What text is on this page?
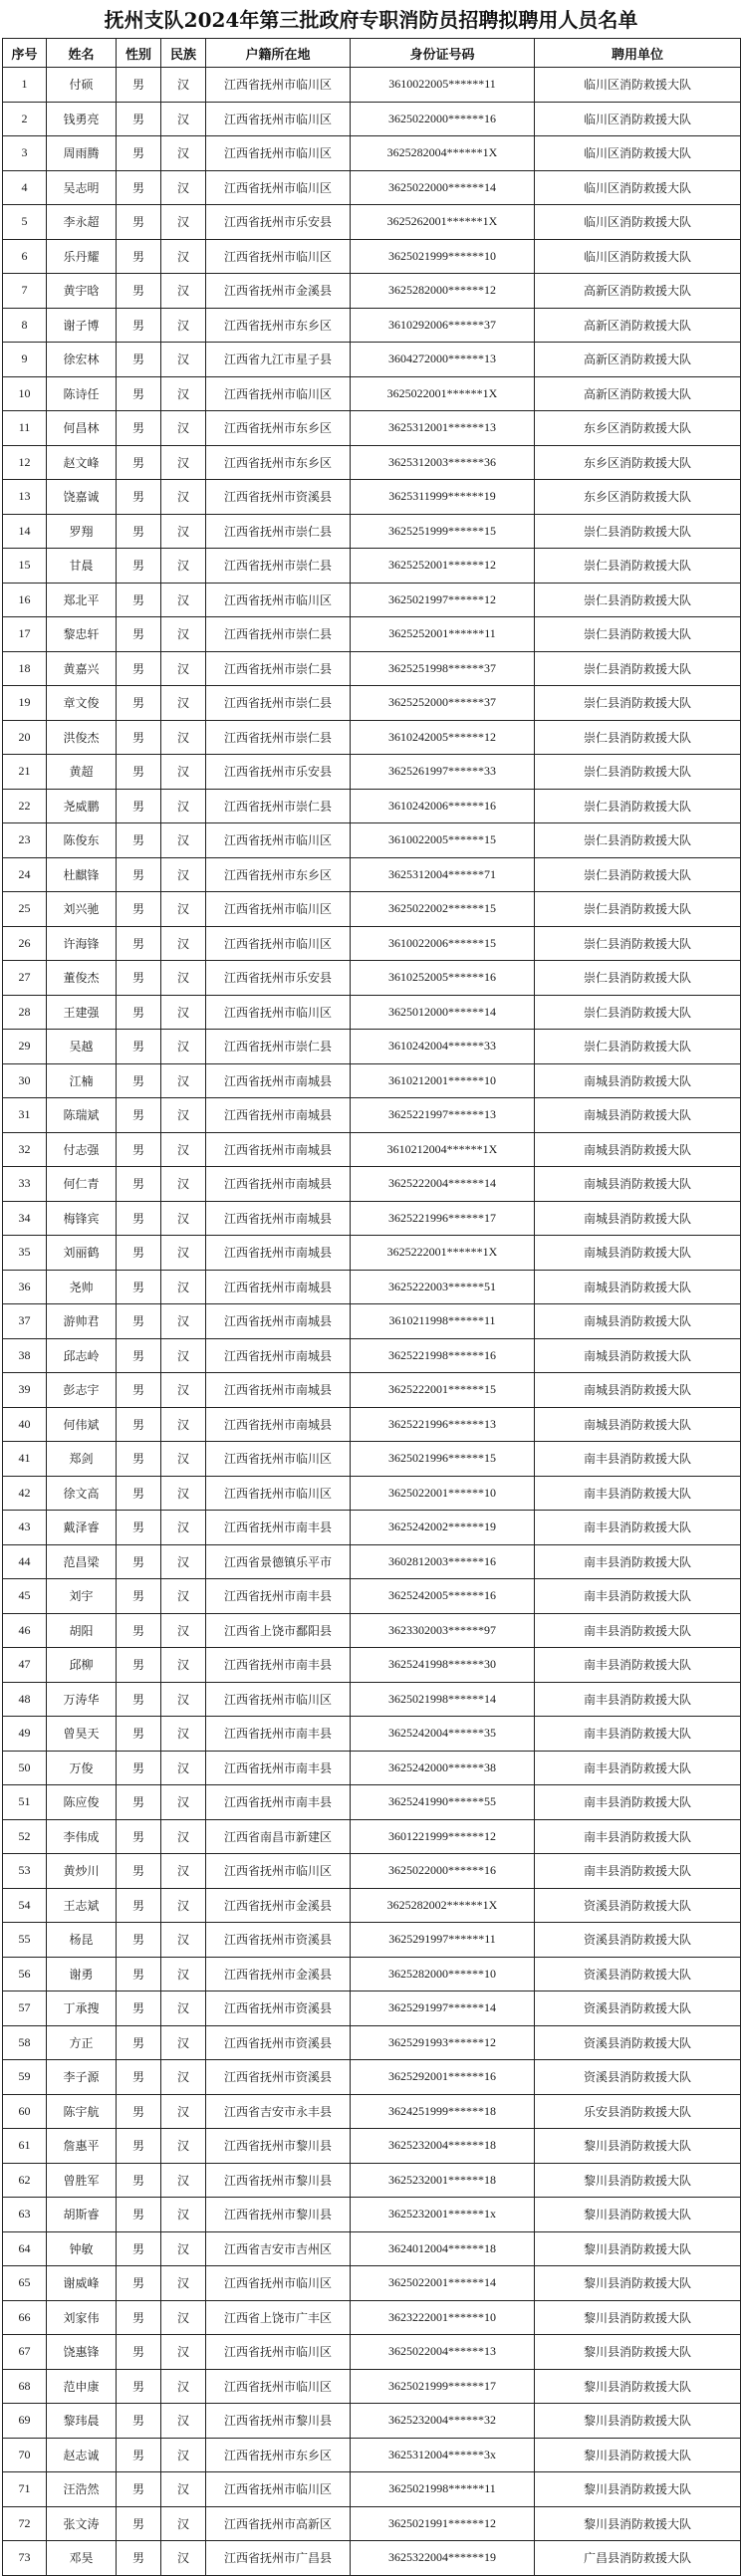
抚州支队2024年第三批政府专职消防员招聘拟聘用人员名单
序号	姓名	性别	民族	户籍所在地	身份证号码	聘用单位
1	付硕	男	汉	江西省抚州市临川区	3610022005******11	临川区消防救援大队
2	钱勇亮	男	汉	江西省抚州市临川区	3625022000******16	临川区消防救援大队
3	周雨腾	男	汉	江西省抚州市临川区	3625282004******1X	临川区消防救援大队
4	吴志明	男	汉	江西省抚州市临川区	3625022000******14	临川区消防救援大队
5	李永超	男	汉	江西省抚州市乐安县	3625262001******1X	临川区消防救援大队
6	乐丹耀	男	汉	江西省抚州市临川区	3625021999******10	临川区消防救援大队
7	黄宇晗	男	汉	江西省抚州市金溪县	3625282000******12	高新区消防救援大队
8	谢子博	男	汉	江西省抚州市东乡区	3610292006******37	高新区消防救援大队
9	徐宏林	男	汉	江西省九江市星子县	3604272000******13	高新区消防救援大队
10	陈诗任	男	汉	江西省抚州市临川区	3625022001******1X	高新区消防救援大队
11	何昌林	男	汉	江西省抚州市东乡区	3625312001******13	东乡区消防救援大队
12	赵文峰	男	汉	江西省抚州市东乡区	3625312003******36	东乡区消防救援大队
13	饶嘉诚	男	汉	江西省抚州市资溪县	3625311999******19	东乡区消防救援大队
14	罗翔	男	汉	江西省抚州市崇仁县	3625251999******15	崇仁县消防救援大队
15	甘晨	男	汉	江西省抚州市崇仁县	3625252001******12	崇仁县消防救援大队
16	郑北平	男	汉	江西省抚州市临川区	3625021997******12	崇仁县消防救援大队
17	黎忠轩	男	汉	江西省抚州市崇仁县	3625252001******11	崇仁县消防救援大队
18	黄嘉兴	男	汉	江西省抚州市崇仁县	3625251998******37	崇仁县消防救援大队
19	章文俊	男	汉	江西省抚州市崇仁县	3625252000******37	崇仁县消防救援大队
20	洪俊杰	男	汉	江西省抚州市崇仁县	3610242005******12	崇仁县消防救援大队
21	黄超	男	汉	江西省抚州市乐安县	3625261997******33	崇仁县消防救援大队
22	尧威鹏	男	汉	江西省抚州市崇仁县	3610242006******16	崇仁县消防救援大队
23	陈俊东	男	汉	江西省抚州市临川区	3610022005******15	崇仁县消防救援大队
24	杜麒锋	男	汉	江西省抚州市东乡区	3625312004******71	崇仁县消防救援大队
25	刘兴驰	男	汉	江西省抚州市临川区	3625022002******15	崇仁县消防救援大队
26	许海锋	男	汉	江西省抚州市临川区	3610022006******15	崇仁县消防救援大队
27	董俊杰	男	汉	江西省抚州市乐安县	3610252005******16	崇仁县消防救援大队
28	王建强	男	汉	江西省抚州市临川区	3625012000******14	崇仁县消防救援大队
29	吴越	男	汉	江西省抚州市崇仁县	3610242004******33	崇仁县消防救援大队
30	江楠	男	汉	江西省抚州市南城县	3610212001******10	南城县消防救援大队
31	陈瑞斌	男	汉	江西省抚州市南城县	3625221997******13	南城县消防救援大队
32	付志强	男	汉	江西省抚州市南城县	3610212004******1X	南城县消防救援大队
33	何仁青	男	汉	江西省抚州市南城县	3625222004******14	南城县消防救援大队
34	梅锋宾	男	汉	江西省抚州市南城县	3625221996******17	南城县消防救援大队
35	刘丽鹤	男	汉	江西省抚州市南城县	3625222001******1X	南城县消防救援大队
36	尧帅	男	汉	江西省抚州市南城县	3625222003******51	南城县消防救援大队
37	游帅君	男	汉	江西省抚州市南城县	3610211998******11	南城县消防救援大队
38	邱志岭	男	汉	江西省抚州市南城县	3625221998******16	南城县消防救援大队
39	彭志宇	男	汉	江西省抚州市南城县	3625222001******15	南城县消防救援大队
40	何伟斌	男	汉	江西省抚州市南城县	3625221996******13	南城县消防救援大队
41	郑剑	男	汉	江西省抚州市临川区	3625021996******15	南丰县消防救援大队
42	徐文高	男	汉	江西省抚州市临川区	3625022001******10	南丰县消防救援大队
43	戴泽睿	男	汉	江西省抚州市南丰县	3625242002******19	南丰县消防救援大队
44	范昌梁	男	汉	江西省景德镇乐平市	3602812003******16	南丰县消防救援大队
45	刘宇	男	汉	江西省抚州市南丰县	3625242005******16	南丰县消防救援大队
46	胡阳	男	汉	江西省上饶市鄱阳县	3623302003******97	南丰县消防救援大队
47	邱柳	男	汉	江西省抚州市南丰县	3625241998******30	南丰县消防救援大队
48	万涛华	男	汉	江西省抚州市临川区	3625021998******14	南丰县消防救援大队
49	曾昊天	男	汉	江西省抚州市南丰县	3625242004******35	南丰县消防救援大队
50	万俊	男	汉	江西省抚州市南丰县	3625242000******38	南丰县消防救援大队
51	陈应俊	男	汉	江西省抚州市南丰县	3625241990******55	南丰县消防救援大队
52	李伟成	男	汉	江西省南昌市新建区	3601221999******12	南丰县消防救援大队
53	黄炒川	男	汉	江西省抚州市临川区	3625022000******16	南丰县消防救援大队
54	王志斌	男	汉	江西省抚州市金溪县	3625282002******1X	资溪县消防救援大队
55	杨昆	男	汉	江西省抚州市资溪县	3625291997******11	资溪县消防救援大队
56	谢勇	男	汉	江西省抚州市金溪县	3625282000******10	资溪县消防救援大队
57	丁承搜	男	汉	江西省抚州市资溪县	3625291997******14	资溪县消防救援大队
58	方正	男	汉	江西省抚州市资溪县	3625291993******12	资溪县消防救援大队
59	李子源	男	汉	江西省抚州市资溪县	3625292001******16	资溪县消防救援大队
60	陈宇航	男	汉	江西省吉安市永丰县	3624251999******18	乐安县消防救援大队
61	詹惠平	男	汉	江西省抚州市黎川县	3625232004******18	黎川县消防救援大队
62	曾胜军	男	汉	江西省抚州市黎川县	3625232001******18	黎川县消防救援大队
63	胡斯睿	男	汉	江西省抚州市黎川县	3625232001******1x	黎川县消防救援大队
64	钟敏	男	汉	江西省吉安市吉州区	3624012004******18	黎川县消防救援大队
65	谢威峰	男	汉	江西省抚州市临川区	3625022001******14	黎川县消防救援大队
66	刘家伟	男	汉	江西省上饶市广丰区	3623222001******10	黎川县消防救援大队
67	饶惠锋	男	汉	江西省抚州市临川区	3625022004******13	黎川县消防救援大队
68	范申康	男	汉	江西省抚州市临川区	3625021999******17	黎川县消防救援大队
69	黎玮晨	男	汉	江西省抚州市黎川县	3625232004******32	黎川县消防救援大队
70	赵志诚	男	汉	江西省抚州市东乡区	3625312004******3x	黎川县消防救援大队
71	汪浩然	男	汉	江西省抚州市临川区	3625021998******11	黎川县消防救援大队
72	张文涛	男	汉	江西省抚州市高新区	3625021991******12	黎川县消防救援大队
73	邓昊	男	汉	江西省抚州市广昌县	3625322004******19	广昌县消防救援大队
